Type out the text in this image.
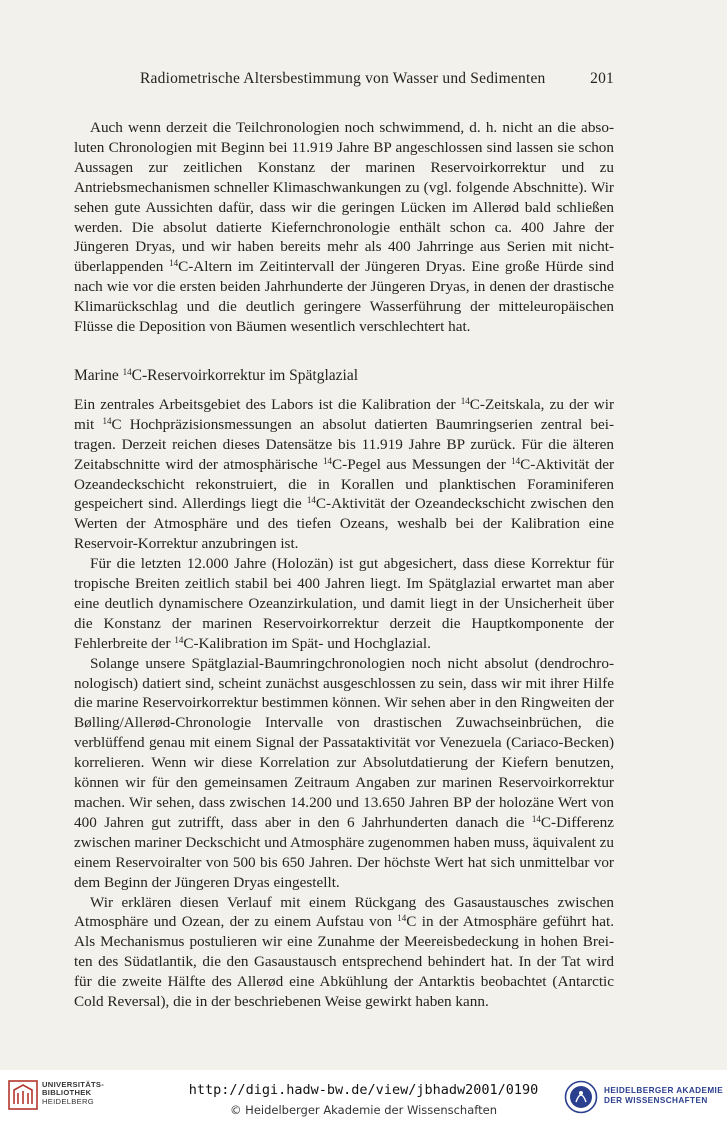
Radiometrische Altersbestimmung von Wasser und Sedimenten	201

Auch wenn derzeit die Teilchronologien noch schwimmend, d. h. nicht an die absoluten Chronologien mit Beginn bei 11.919 Jahre BP angeschlossen sind lassen sie schon Aussagen zur zeitlichen Konstanz der marinen Reservoirkorrektur und zu Antriebsmechanismen schneller Klimaschwankungen zu (vgl. folgende Abschnitte). Wir sehen gute Aussichten dafür, dass wir die geringen Lücken im Allerød bald schließen werden. Die absolut datierte Kiefernchronologie enthält schon ca. 400 Jahre der Jüngeren Dryas, und wir haben bereits mehr als 400 Jahrringe aus Serien mit nichtüberlappenden $^{14}$C-Altern im Zeitintervall der Jüngeren Dryas. Eine große Hürde sind nach wie vor die ersten beiden Jahrhunderte der Jüngeren Dryas, in denen der drastische Klimarückschlag und die deutlich geringere Wasserführung der mitteleuropäischen Flüsse die Deposition von Bäumen wesentlich verschlechtert hat.

Marine $^{14}$C-Reservoirkorrektur im Spätglazial

Ein zentrales Arbeitsgebiet des Labors ist die Kalibration der $^{14}$C-Zeitskala, zu der wir mit $^{14}$C Hochpräzisionsmessungen an absolut datierten Baumringserien zentral beitragen. Derzeit reichen dieses Datensätze bis 11.919 Jahre BP zurück. Für die älteren Zeitabschnitte wird der atmosphärische $^{14}$C-Pegel aus Messungen der $^{14}$C-Aktivität der Ozeandeckschicht rekonstruiert, die in Korallen und planktischen Foraminiferen gespeichert sind. Allerdings liegt die $^{14}$C-Aktivität der Ozeandeckschicht zwischen den Werten der Atmosphäre und des tiefen Ozeans, weshalb bei der Kalibration eine Reservoir-Korrektur anzubringen ist.

Für die letzten 12.000 Jahre (Holozän) ist gut abgesichert, dass diese Korrektur für tropische Breiten zeitlich stabil bei 400 Jahren liegt. Im Spätglazial erwartet man aber eine deutlich dynamischere Ozeanzirkulation, und damit liegt in der Unsicherheit über die Konstanz der marinen Reservoirkorrektur derzeit die Hauptkomponente der Fehlerbreite der $^{14}$C-Kalibration im Spät- und Hochglazial.

Solange unsere Spätglazial-Baumringchronologien noch nicht absolut (dendrochronologisch) datiert sind, scheint zunächst ausgeschlossen zu sein, dass wir mit ihrer Hilfe die marine Reservoirkorrektur bestimmen können. Wir sehen aber in den Ringweiten der Bølling/Allerød-Chronologie Intervalle von drastischen Zuwachseinbrüchen, die verblüffend genau mit einem Signal der Passataktivität vor Venezuela (Cariaco-Becken) korrelieren. Wenn wir diese Korrelation zur Absolutdatierung der Kiefern benutzen, können wir für den gemeinsamen Zeitraum Angaben zur marinen Reservoirkorrektur machen. Wir sehen, dass zwischen 14.200 und 13.650 Jahren BP der holozäne Wert von 400 Jahren gut zutrifft, dass aber in den 6 Jahrhunderten danach die $^{14}$C-Differenz zwischen mariner Deckschicht und Atmosphäre zugenommen haben muss, äquivalent zu einem Reservoiralter von 500 bis 650 Jahren. Der höchste Wert hat sich unmittelbar vor dem Beginn der Jüngeren Dryas eingestellt.

Wir erklären diesen Verlauf mit einem Rückgang des Gasaustausches zwischen Atmosphäre und Ozean, der zu einem Aufstau von $^{14}$C in der Atmosphäre geführt hat. Als Mechanismus postulieren wir eine Zunahme der Meereisbedeckung in hohen Breiten des Südatlantik, die den Gasaustausch entsprechend behindert hat. In der Tat wird für die zweite Hälfte des Allerød eine Abkühlung der Antarktis beobachtet (Antarctic Cold Reversal), die in der beschriebenen Weise gewirkt haben kann.

UNIVERSITÄTS-
BIBLIOTHEK
HEIDELBERG
http://digi.hadw-bw.de/view/jbhadw2001/0190
© Heidelberger Akademie der Wissenschaften
HEIDELBERGER AKADEMIE
DER WISSENSCHAFTEN
